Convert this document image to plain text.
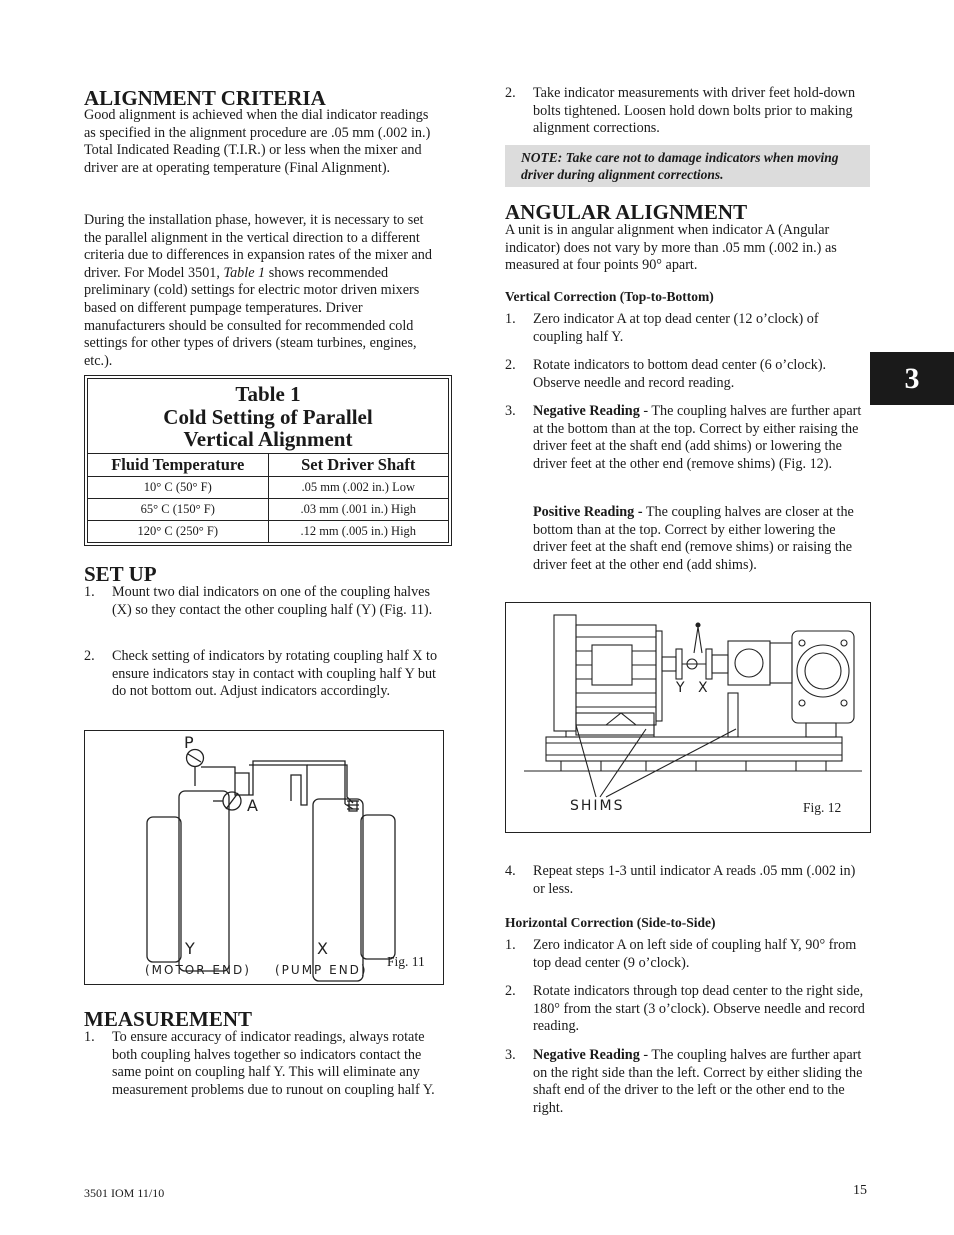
ALIGNMENT CRITERIA

Good alignment is achieved when the dial indicator readings as specified in the alignment procedure are .05 mm (.002 in.) Total Indicated Reading (T.I.R.) or less when the mixer and driver are at operating temperature (Final Alignment).

During the installation phase, however, it is necessary to set the parallel alignment in the vertical direction to a different criteria due to differences in expansion rates of the mixer and driver. For Model 3501, Table 1 shows recommended preliminary (cold) settings for electric motor driven mixers based on different pumpage temperatures. Driver manufacturers should be consulted for recommended cold settings for other types of drivers (steam turbines, engines, etc.).

Table 1
Cold Setting of Parallel
Vertical Alignment
Fluid Temperature	Set Driver Shaft
10° C (50° F)	.05 mm (.002 in.) Low
65° C (150° F)	.03 mm (.001 in.) High
120° C (250° F)	.12 mm (.005 in.) High
SET UP
1.	Mount two dial indicators on one of the coupling halves (X) so they contact the other coupling half (Y) (Fig. 11).
2.	Check setting of indicators by rotating coupling half X to ensure indicators stay in contact with coupling half Y but do not bottom out. Adjust indicators accordingly.
P
A
Y	X
(MOTOR END) (PUMP END)
Fig. 11
MEASUREMENT
1.	To ensure accuracy of indicator readings, always rotate both coupling halves together so indicators contact the same point on coupling half Y. This will eliminate any measurement problems due to runout on coupling half Y.
2.	Take indicator measurements with driver feet hold-down bolts tightened. Loosen hold down bolts prior to making alignment corrections.
NOTE: Take care not to damage indicators when moving driver during alignment corrections.
ANGULAR ALIGNMENT

A unit is in angular alignment when indicator A (Angular indicator) does not vary by more than .05 mm (.002 in.) as measured at four points 90° apart.

Vertical Correction (Top-to-Bottom)

1.	Zero indicator A at top dead center (12 o’clock) of coupling half Y.
2.	Rotate indicators to bottom dead center (6 o’clock). Observe needle and record reading.
3.	Negative Reading - The coupling halves are further apart at the bottom than at the top. Correct by either raising the driver feet at the shaft end (add shims) or lowering the driver feet at the other end (remove shims) (Fig. 12).
Positive Reading - The coupling halves are closer at the bottom than at the top. Correct by either lowering the driver feet at the shaft end (remove shims) or raising the driver feet at the other end (add shims).
Y X
SHIMS	Fig. 12
4.	Repeat steps 1-3 until indicator A reads .05 mm (.002 in) or less.

Horizontal Correction (Side-to-Side)

1.	Zero indicator A on left side of coupling half Y, 90° from top dead center (9 o’clock).
2.	Rotate indicators through top dead center to the right side, 180° from the start (3 o’clock). Observe needle and record reading.
3.	Negative Reading - The coupling halves are further apart on the right side than the left. Correct by either sliding the shaft end of the driver to the left or the other end to the right.
3
3501 IOM 11/10	15
